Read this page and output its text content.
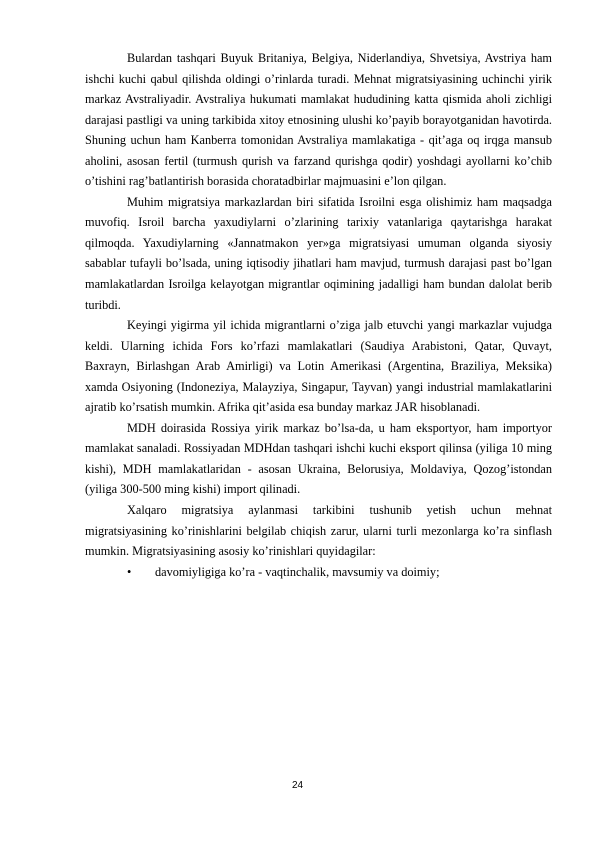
Bulardan tashqari Buyuk Britaniya, Belgiya, Niderlandiya, Shvetsiya, Avstriya ham ishchi kuchi qabul qilishda oldingi o’rinlarda turadi. Mehnat migratsiyasining uchinchi yirik markaz Avstraliyadir. Avstraliya hukumati mamlakat hududining katta qismida aholi zichligi darajasi pastligi va uning tarkibida xitoy etnosining ulushi ko’payib borayotganidan havotirda. Shuning uchun ham Kanberra tomonidan Avstraliya mamlakatiga - qit’aga oq irqga mansub aholini, asosan fertil (turmush qurish va farzand qurishga qodir) yoshdagi ayollarni ko’chib o’tishini rag’batlantirish borasida choratadbirlar majmuasini e’lon qilgan.

Muhim migratsiya markazlardan biri sifatida Isroilni esga olishimiz ham maqsadga muvofiq. Isroil barcha yaxudiylarni o’zlarining tarixiy vatanlariga qaytarishga harakat qilmoqda. Yaxudiylarning «Jannatmakon yer»ga migratsiyasi umuman olganda siyosiy sabablar tufayli bo’lsada, uning iqtisodiy jihatlari ham mavjud, turmush darajasi past bo’lgan mamlakatlardan Isroilga kelayotgan migrantlar oqimining jadalligi ham bundan dalolat berib turibdi.

Keyingi yigirma yil ichida migrantlarni o’ziga jalb etuvchi yangi markazlar vujudga keldi. Ularning ichida Fors ko’rfazi mamlakatlari (Saudiya Arabistoni, Qatar, Quvayt, Baxrayn, Birlashgan Arab Amirligi) va Lotin Amerikasi (Argentina, Braziliya, Meksika) xamda Osiyoning (Indoneziya, Malayziya, Singapur, Tayvan) yangi industrial mamlakatlarini ajratib ko’rsatish mumkin. Afrika qit’asida esa bunday markaz JAR hisoblanadi.

MDH doirasida Rossiya yirik markaz bo’lsa-da, u ham eksportyor, ham importyor mamlakat sanaladi. Rossiyadan MDHdan tashqari ishchi kuchi eksport qilinsa (yiliga 10 ming kishi), MDH mamlakatlaridan - asosan Ukraina, Belorusiya, Moldaviya, Qozog’istondan (yiliga 300-500 ming kishi) import qilinadi.

Xalqaro migratsiya aylanmasi tarkibini tushunib yetish uchun mehnat migratsiyasining ko’rinishlarini belgilab chiqish zarur, ularni turli mezonlarga ko’ra sinflash mumkin. Migratsiyasining asosiy ko’rinishlari quyidagilar:

• davomiyligiga ko’ra - vaqtinchalik, mavsumiy va doimiy;

24
